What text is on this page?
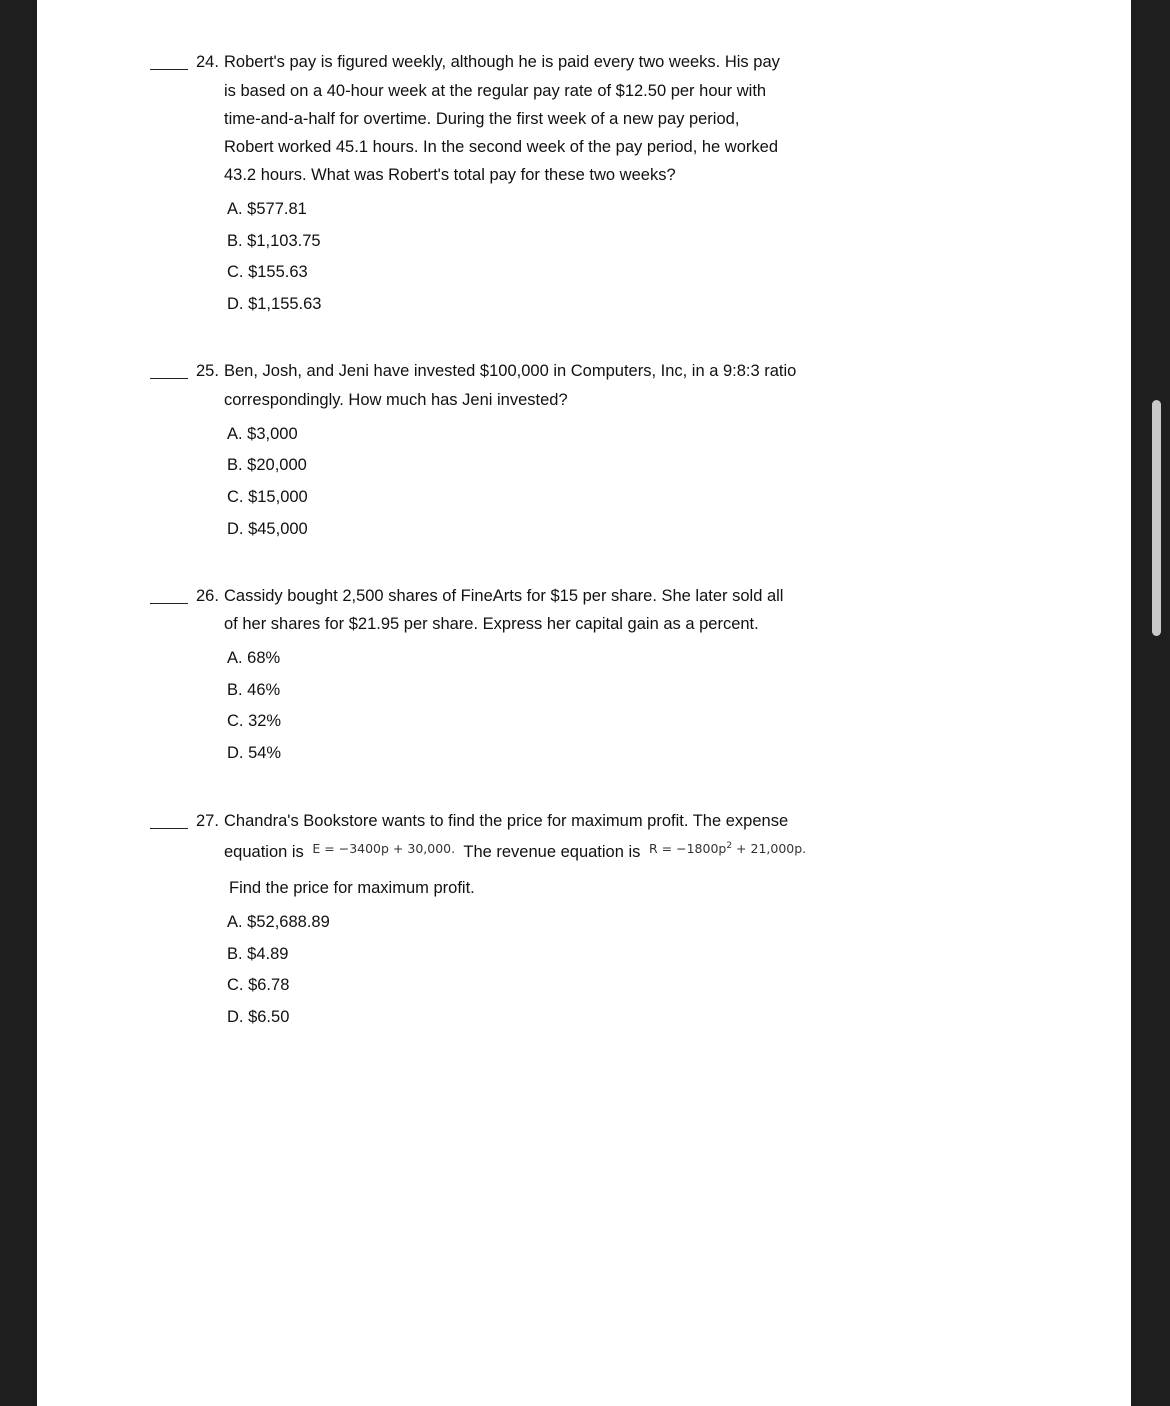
24. Robert's pay is figured weekly, although he is paid every two weeks. His pay
is based on a 40-hour week at the regular pay rate of $12.50 per hour with
time-and-a-half for overtime. During the first week of a new pay period,
Robert worked 45.1 hours. In the second week of the pay period, he worked
43.2 hours. What was Robert's total pay for these two weeks?
A. $577.81
B. $1,103.75
C. $155.63
D. $1,155.63
25. Ben, Josh, and Jeni have invested $100,000 in Computers, Inc, in a 9:8:3 ratio
correspondingly. How much has Jeni invested?
A. $3,000
B. $20,000
C. $15,000
D. $45,000
26. Cassidy bought 2,500 shares of FineArts for $15 per share. She later sold all
of her shares for $21.95 per share. Express her capital gain as a percent.
A. 68%
B. 46%
C. 32%
D. 54%
27. Chandra's Bookstore wants to find the price for maximum profit. The expense
equation is $^{E = -3400p + 30,000.}$ The revenue equation is $^{R = -1800p^2 + 21,000p.}$
Find the price for maximum profit.
A. $52,688.89
B. $4.89
C. $6.78
D. $6.50
